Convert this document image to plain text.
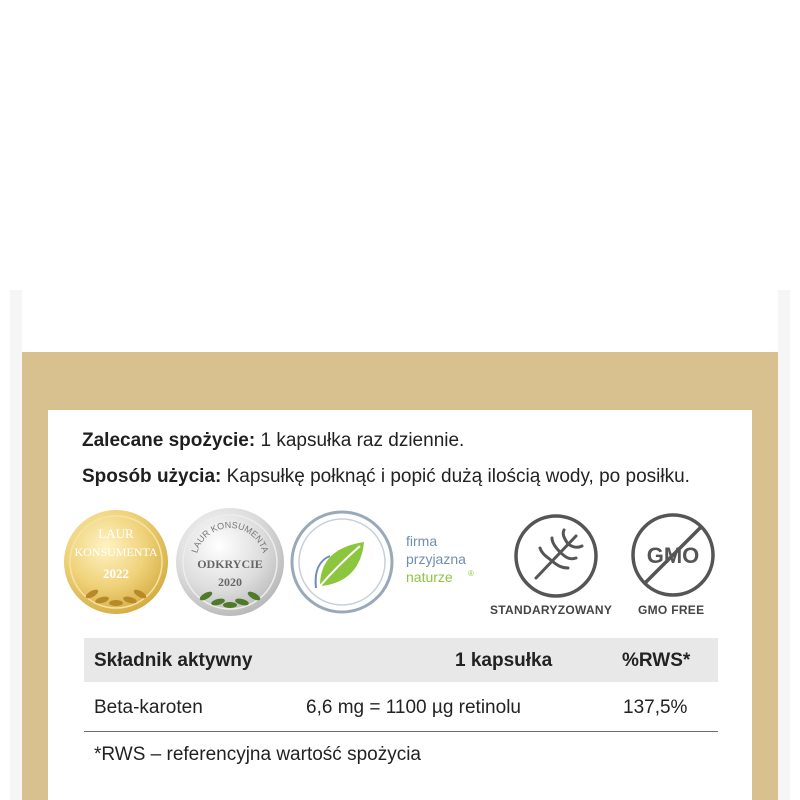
Zalecane spożycie: 1 kapsułka raz dziennie.
Sposób użycia: Kapsułkę połknąć i popić dużą ilością wody, po posiłku.
LAUR
KONSUMENTA
2022
LAUR KONSUMENTA
ODKRYCIE
2020
firma
przyjazna
naturze ®
STANDARYZOWANY
GMO
GMO FREE
Składnik aktywny	1 kapsułka	%RWS*
Beta-karoten	6,6 mg = 1100 µg retinolu	137,5%
*RWS – referencyjna wartość spożycia
